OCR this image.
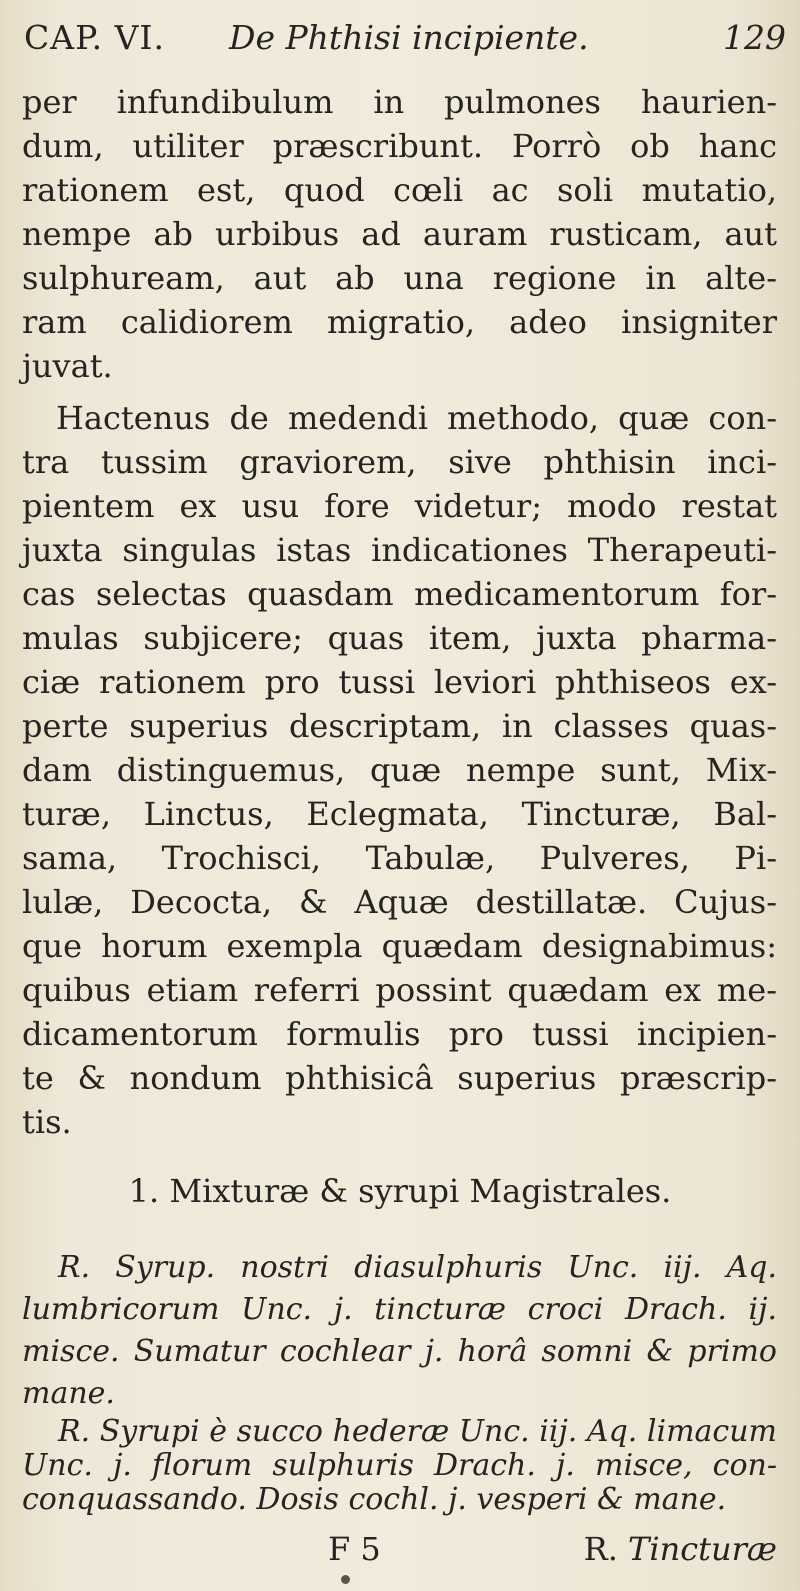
CAP. VI. De Phthisi incipiente.	129
per infundibulum in pulmones haurien-
dum, utiliter præscribunt. Porrò ob hanc
rationem est, quod cœli ac soli mutatio,
nempe ab urbibus ad auram rusticam, aut
sulphuream, aut ab una regione in alte-
ram calidiorem migratio, adeo insigniter
juvat.
Hactenus de medendi methodo, quæ con-
tra tussim graviorem, sive phthisin inci-
pientem ex usu fore videtur; modo restat
juxta singulas istas indicationes Therapeuti-
cas selectas quasdam medicamentorum for-
mulas subjicere; quas item, juxta pharma-
ciæ rationem pro tussi leviori phthiseos ex-
perte superius descriptam, in classes quas-
dam distinguemus, quæ nempe sunt, Mix-
turæ, Linctus, Eclegmata, Tincturæ, Bal-
sama, Trochisci, Tabulæ, Pulveres, Pi-
lulæ, Decocta, & Aquæ destillatæ. Cujus-
que horum exempla quædam designabimus:
quibus etiam referri possint quædam ex me-
dicamentorum formulis pro tussi incipien-
te & nondum phthisicâ superius præscrip-
tis.
1. Mixturæ & syrupi Magistrales.
R. Syrup. nostri diasulphuris Unc. iij. Aq.
lumbricorum Unc. j. tincturæ croci Drach. ij.
misce. Sumatur cochlear j. horâ somni & primo
mane.
R. Syrupi è succo hederæ Unc. iij. Aq. limacum
Unc. j. florum sulphuris Drach. j. misce, con-
F 5	R. Tincturæ
conquassando. Dosis cochl. j. vesperi & mane.
